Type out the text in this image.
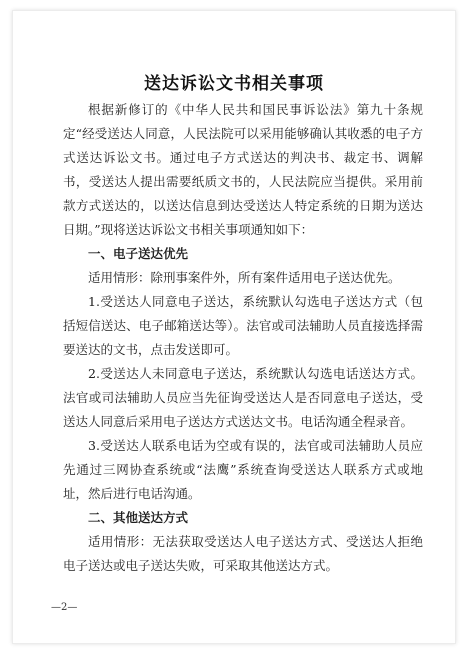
送达诉讼文书相关事项

根据新修订的《中华人民共和国民事诉讼法》第九十条规定“经受送达人同意，人民法院可以采用能够确认其收悉的电子方式送达诉讼文书。通过电子方式送达的判决书、裁定书、调解书，受送达人提出需要纸质文书的，人民法院应当提供。采用前款方式送达的，以送达信息到达受送达人特定系统的日期为送达日期。”现将送达诉讼文书相关事项通知如下：

一、电子送达优先

适用情形：除刑事案件外，所有案件适用电子送达优先。

1.受送达人同意电子送达，系统默认勾选电子送达方式（包括短信送达、电子邮箱送达等）。法官或司法辅助人员直接选择需要送达的文书，点击发送即可。

2.受送达人未同意电子送达，系统默认勾选电话送达方式。法官或司法辅助人员应当先征询受送达人是否同意电子送达，受送达人同意后采用电子送达方式送达文书。电话沟通全程录音。

3.受送达人联系电话为空或有误的，法官或司法辅助人员应先通过三网协查系统或“法鹰”系统查询受送达人联系方式或地址，然后进行电话沟通。

二、其他送达方式

适用情形：无法获取受送达人电子送达方式、受送达人拒绝电子送达或电子送达失败，可采取其他送达方式。

—2—
